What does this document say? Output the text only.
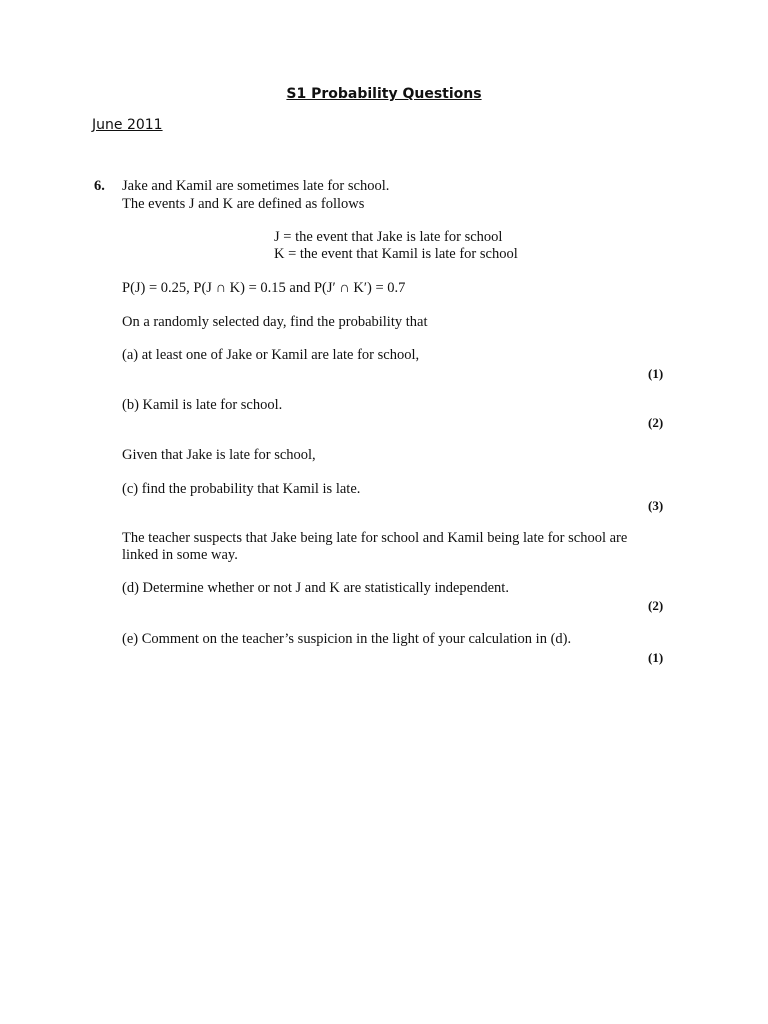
S1 Probability Questions
June 2011
6. Jake and Kamil are sometimes late for school.
The events J and K are defined as follows
J = the event that Jake is late for school
K = the event that Kamil is late for school
P(J) = 0.25, P(J ∩ K) = 0.15 and P(J′ ∩ K′) = 0.7
On a randomly selected day, find the probability that
(a) at least one of Jake or Kamil are late for school,
(1)
(b) Kamil is late for school.
(2)
Given that Jake is late for school,
(c) find the probability that Kamil is late.
(3)
The teacher suspects that Jake being late for school and Kamil being late for school are
linked in some way.
(d) Determine whether or not J and K are statistically independent.
(2)
(e) Comment on the teacher’s suspicion in the light of your calculation in (d).
(1)
